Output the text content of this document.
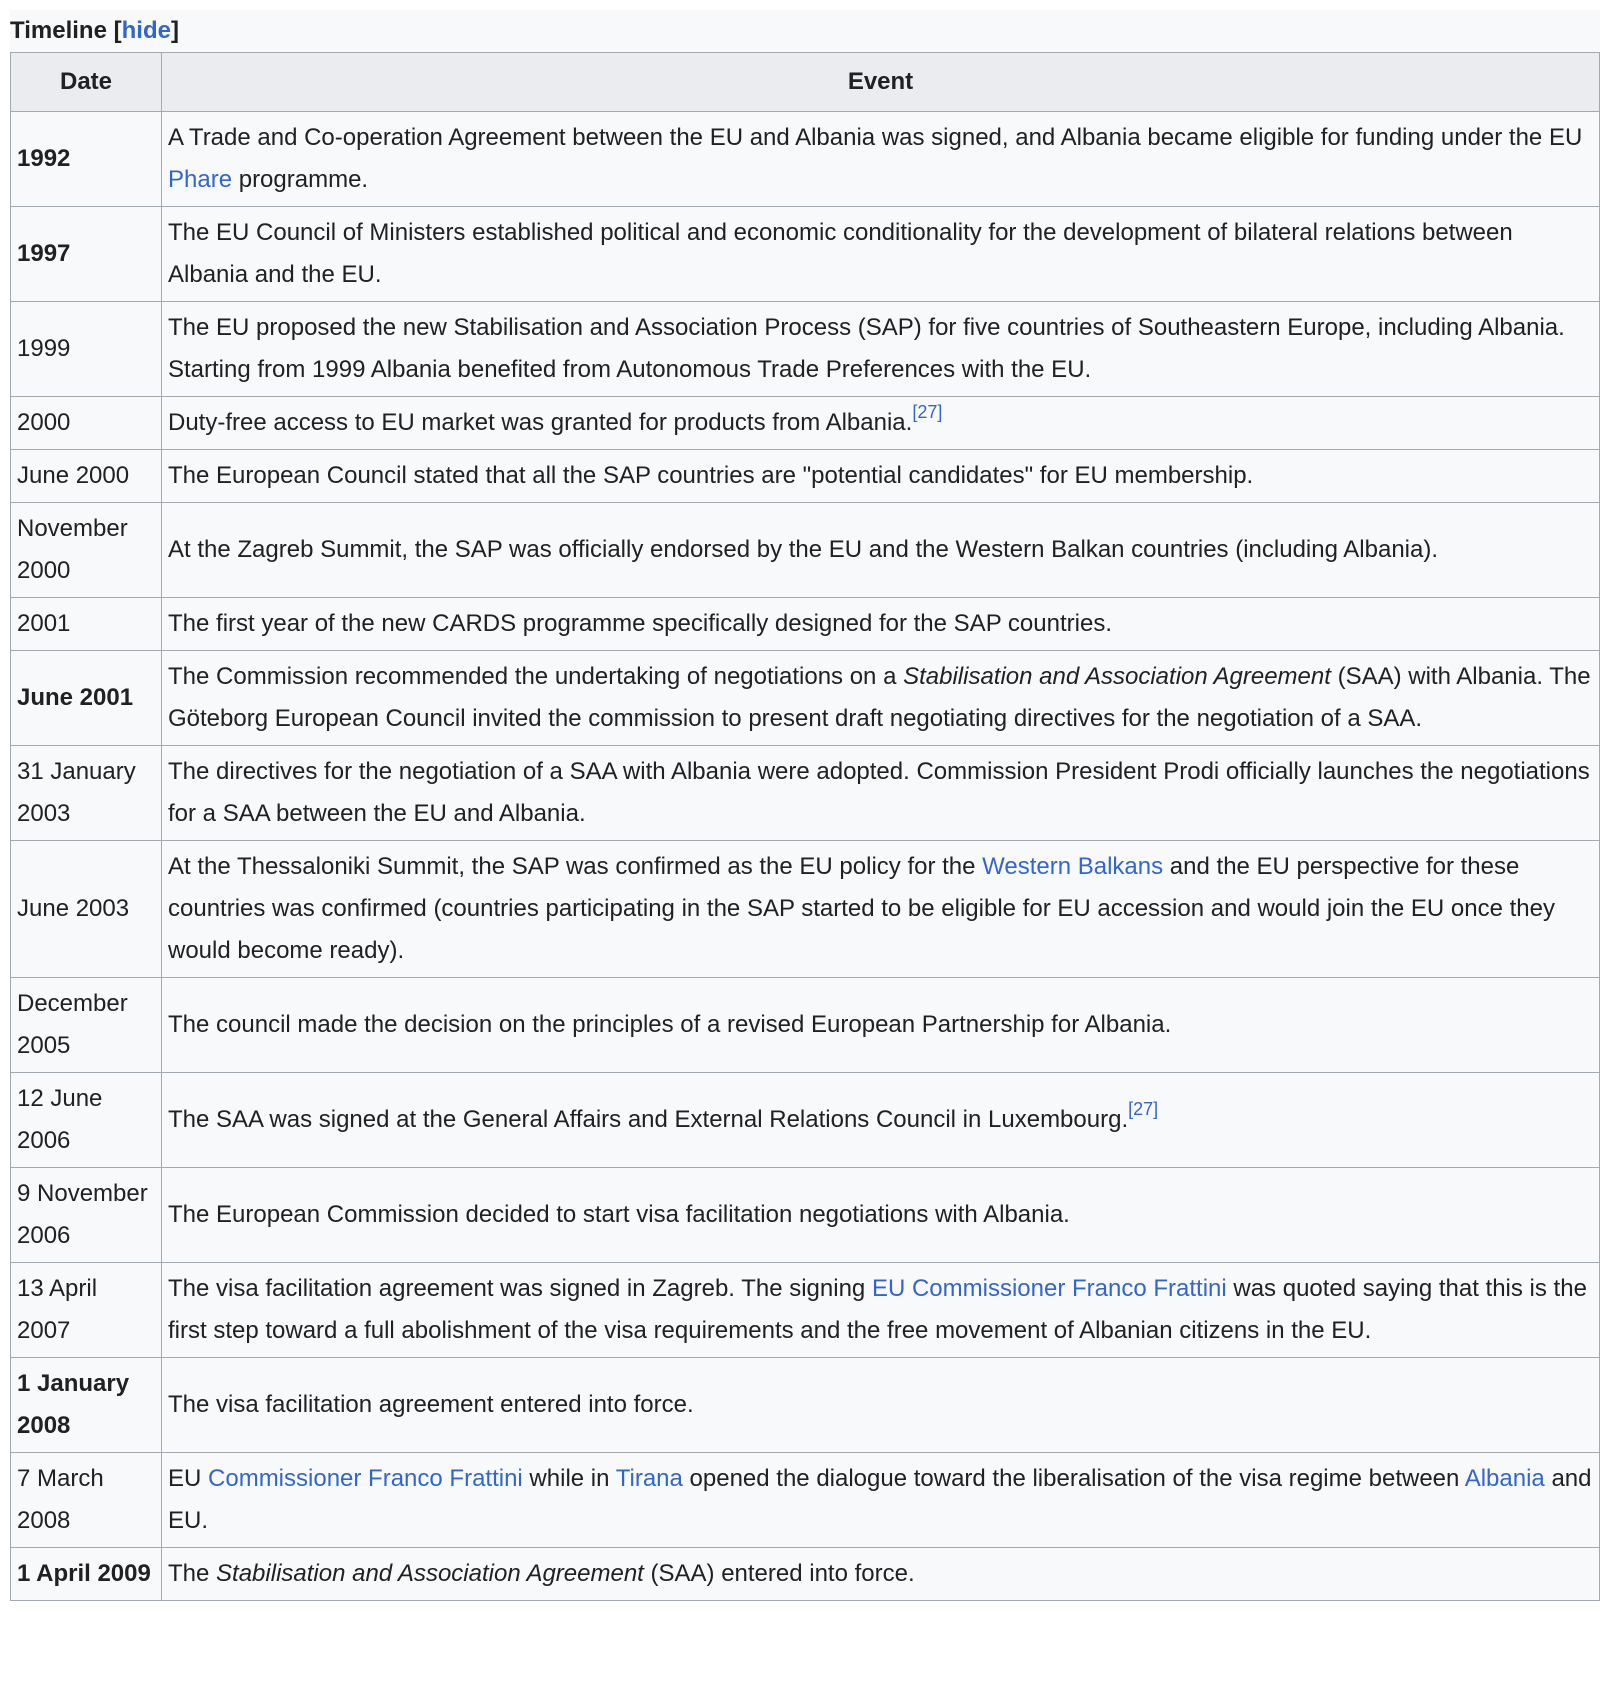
Timeline [hide]
Date	Event
1992	A Trade and Co-operation Agreement between the EU and Albania was signed, and Albania became eligible for funding under the EU Phare programme.
1997	The EU Council of Ministers established political and economic conditionality for the development of bilateral relations between Albania and the EU.
1999	The EU proposed the new Stabilisation and Association Process (SAP) for five countries of Southeastern Europe, including Albania. Starting from 1999 Albania benefited from Autonomous Trade Preferences with the EU.
2000	Duty-free access to EU market was granted for products from Albania.[27]
June 2000	The European Council stated that all the SAP countries are "potential candidates" for EU membership.
November 2000	At the Zagreb Summit, the SAP was officially endorsed by the EU and the Western Balkan countries (including Albania).
2001	The first year of the new CARDS programme specifically designed for the SAP countries.
June 2001	The Commission recommended the undertaking of negotiations on a Stabilisation and Association Agreement (SAA) with Albania. The Göteborg European Council invited the commission to present draft negotiating directives for the negotiation of a SAA.
31 January 2003	The directives for the negotiation of a SAA with Albania were adopted. Commission President Prodi officially launches the negotiations for a SAA between the EU and Albania.
June 2003	At the Thessaloniki Summit, the SAP was confirmed as the EU policy for the Western Balkans and the EU perspective for these countries was confirmed (countries participating in the SAP started to be eligible for EU accession and would join the EU once they would become ready).
December 2005	The council made the decision on the principles of a revised European Partnership for Albania.
12 June 2006	The SAA was signed at the General Affairs and External Relations Council in Luxembourg.[27]
9 November 2006	The European Commission decided to start visa facilitation negotiations with Albania.
13 April 2007	The visa facilitation agreement was signed in Zagreb. The signing EU Commissioner Franco Frattini was quoted saying that this is the first step toward a full abolishment of the visa requirements and the free movement of Albanian citizens in the EU.
1 January 2008	The visa facilitation agreement entered into force.
7 March 2008	EU Commissioner Franco Frattini while in Tirana opened the dialogue toward the liberalisation of the visa regime between Albania and EU.
1 April 2009	The Stabilisation and Association Agreement (SAA) entered into force.
